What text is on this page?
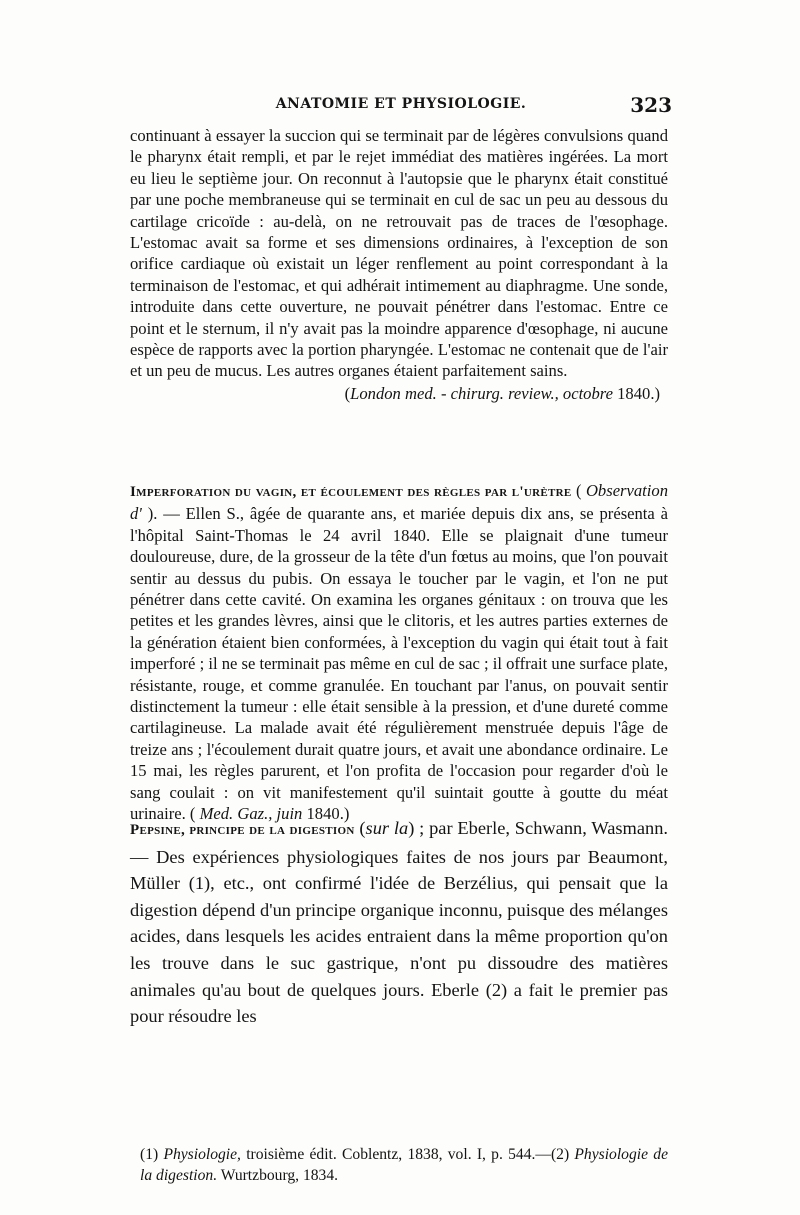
ANATOMIE ET PHYSIOLOGIE.	323
continuant à essayer la succion qui se terminait par de légères convulsions quand le pharynx était rempli, et par le rejet immédiat des matières ingérées. La mort eu lieu le septième jour. On reconnut à l'autopsie que le pharynx était constitué par une poche membraneuse qui se terminait en cul de sac un peu au dessous du cartilage cricoïde : au-delà, on ne retrouvait pas de traces de l'œsophage. L'estomac avait sa forme et ses dimensions ordinaires, à l'exception de son orifice cardiaque où existait un léger renflement au point correspondant à la terminaison de l'estomac, et qui adhérait intimement au diaphragme. Une sonde, introduite dans cette ouverture, ne pouvait pénétrer dans l'estomac. Entre ce point et le sternum, il n'y avait pas la moindre apparence d'œsophage, ni aucune espèce de rapports avec la portion pharyngée. L'estomac ne contenait que de l'air et un peu de mucus. Les autres organes étaient parfaitement sains.
(London med. - chirurg. review., octobre 1840.)
Imperforation du vagin, et écoulement des règles par l'urètre ( Observation d' ). — Ellen S., âgée de quarante ans, et mariée depuis dix ans, se présenta à l'hôpital Saint-Thomas le 24 avril 1840. Elle se plaignait d'une tumeur douloureuse, dure, de la grosseur de la tête d'un fœtus au moins, que l'on pouvait sentir au dessus du pubis. On essaya le toucher par le vagin, et l'on ne put pénétrer dans cette cavité. On examina les organes génitaux : on trouva que les petites et les grandes lèvres, ainsi que le clitoris, et les autres parties externes de la génération étaient bien conformées, à l'exception du vagin qui était tout à fait imperforé ; il ne se terminait pas même en cul de sac ; il offrait une surface plate, résistante, rouge, et comme granulée. En touchant par l'anus, on pouvait sentir distinctement la tumeur : elle était sensible à la pression, et d'une dureté comme cartilagineuse. La malade avait été régulièrement menstruée depuis l'âge de treize ans ; l'écoulement durait quatre jours, et avait une abondance ordinaire. Le 15 mai, les règles parurent, et l'on profita de l'occasion pour regarder d'où le sang coulait : on vit manifestement qu'il suintait goutte à goutte du méat urinaire. ( Med. Gaz., juin 1840.)
Pepsine, principe de la digestion (sur la) ; par Eberle, Schwann, Wasmann. — Des expériences physiologiques faites de nos jours par Beaumont, Müller (1), etc., ont confirmé l'idée de Berzélius, qui pensait que la digestion dépend d'un principe organique inconnu, puisque des mélanges acides, dans lesquels les acides entraient dans la même proportion qu'on les trouve dans le suc gastrique, n'ont pu dissoudre des matières animales qu'au bout de quelques jours. Eberle (2) a fait le premier pas pour résoudre les
(1) Physiologie, troisième édit. Coblentz, 1838, vol. I, p. 544.—(2) Physiologie de la digestion. Wurtzbourg, 1834.
